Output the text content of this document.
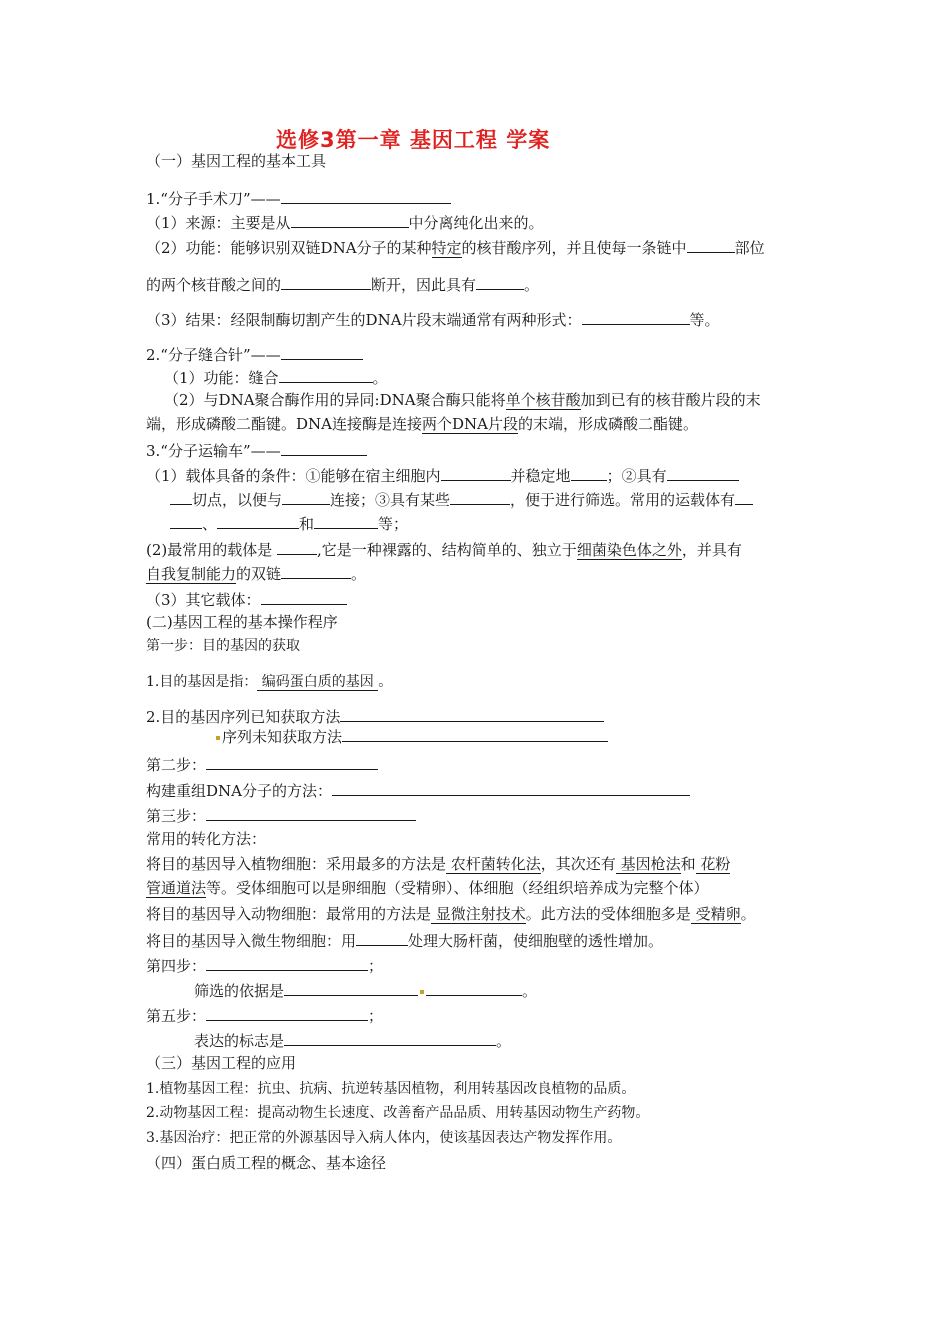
选修3第一章 基因工程 学案
（一）基因工程的基本工具
1.“分子手术刀”——
（1）来源：主要是从	中分离纯化出来的。
（2）功能：能够识别双链DNA分子的某种特定的核苷酸序列，并且使每一条链中	部位
的两个核苷酸之间的	断开，因此具有	。
（3）结果：经限制酶切割产生的DNA片段末端通常有两种形式：	等。
2.“分子缝合针”——
（1）功能：缝合	。
（2）与DNA聚合酶作用的异同:DNA聚合酶只能将单个核苷酸加到已有的核苷酸片段的末
端，形成磷酸二酯键。DNA连接酶是连接两个DNA片段的末端，形成磷酸二酯键。
3.“分子运输车”——
（1）载体具备的条件：①能够在宿主细胞内	并稳定地 ；②具有
切点，以便与	连接；③具有某些	，便于进行筛选。常用的运载体有
、	和	等；
(2)最常用的载体是	,它是一种裸露的、结构简单的、独立于细菌染色体之外，并具有
自我复制能力的双链	。
（3）其它载体：
(二)基因工程的基本操作程序
第一步：目的基因的获取
1.目的基因是指： 编码蛋白质的基因 。
2.目的基因序列已知获取方法
序列未知获取方法
第二步：
构建重组DNA分子的方法：
第三步：
常用的转化方法：
将目的基因导入植物细胞：采用最多的方法是 农杆菌转化法，其次还有 基因枪法和 花粉
管通道法等。受体细胞可以是卵细胞（受精卵）、体细胞（经组织培养成为完整个体）
将目的基因导入动物细胞：最常用的方法是 显微注射技术。此方法的受体细胞多是 受精卵。
将目的基因导入微生物细胞：用	处理大肠杆菌，使细胞壁的透性增加。
第四步：	；
筛选的依据是	。
第五步：	；
表达的标志是	。
（三）基因工程的应用
1.植物基因工程：抗虫、抗病、抗逆转基因植物，利用转基因改良植物的品质。
2.动物基因工程：提高动物生长速度、改善畜产品品质、用转基因动物生产药物。
3.基因治疗：把正常的外源基因导入病人体内，使该基因表达产物发挥作用。
（四）蛋白质工程的概念、基本途径
